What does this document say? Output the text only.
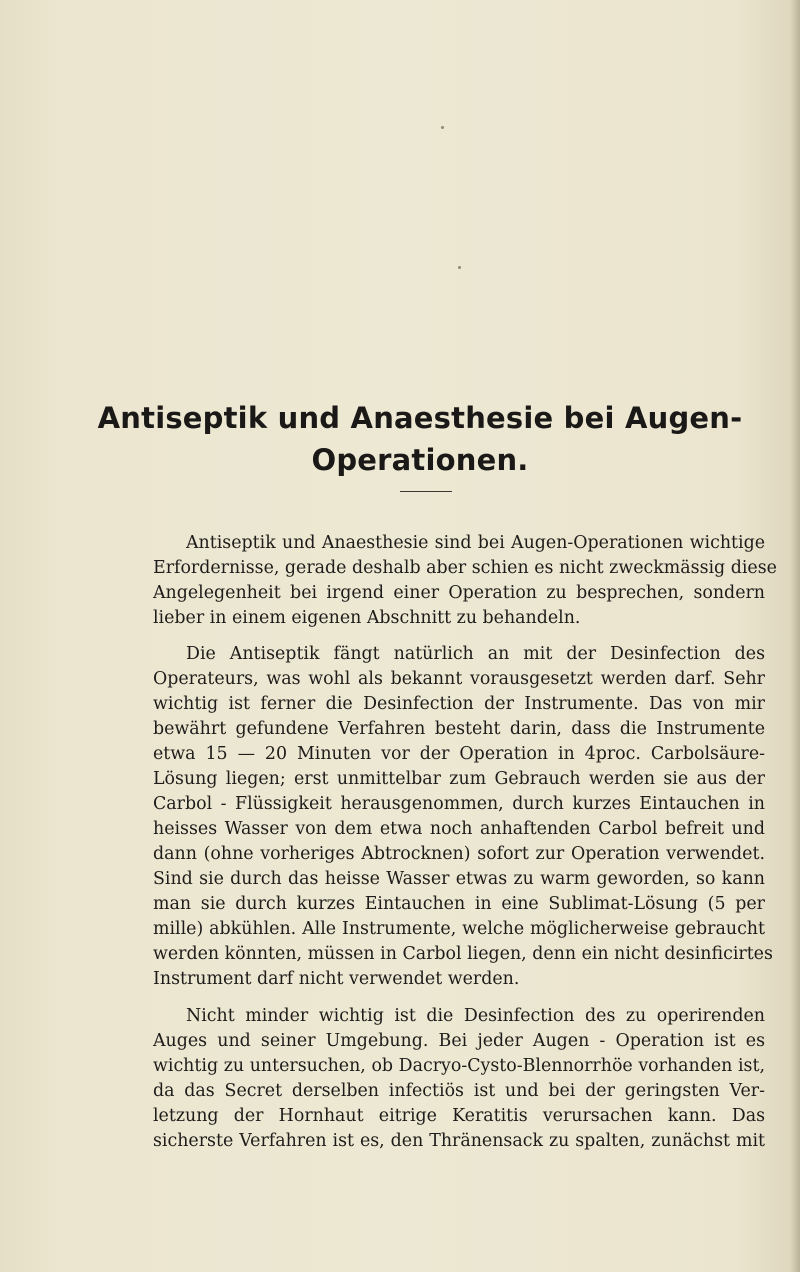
Antiseptik und Anaesthesie bei Augen-
Operationen.
Antiseptik und Anaesthesie sind bei Augen-Operationen wichtige
Erfordernisse, gerade deshalb aber schien es nicht zweckmässig diese
Angelegenheit bei irgend einer Operation zu besprechen, sondern
lieber in einem eigenen Abschnitt zu behandeln.
Die Antiseptik fängt natürlich an mit der Desinfection des
Operateurs, was wohl als bekannt vorausgesetzt werden darf. Sehr
wichtig ist ferner die Desinfection der Instrumente. Das von mir
bewährt gefundene Verfahren besteht darin, dass die Instrumente
etwa 15 — 20 Minuten vor der Operation in 4proc. Carbolsäure-
Lösung liegen; erst unmittelbar zum Gebrauch werden sie aus der
Carbol - Flüssigkeit herausgenommen, durch kurzes Eintauchen in
heisses Wasser von dem etwa noch anhaftenden Carbol befreit und
dann (ohne vorheriges Abtrocknen) sofort zur Operation verwendet.
Sind sie durch das heisse Wasser etwas zu warm geworden, so kann
man sie durch kurzes Eintauchen in eine Sublimat-Lösung (5 per
mille) abkühlen. Alle Instrumente, welche möglicherweise gebraucht
werden könnten, müssen in Carbol liegen, denn ein nicht desinficirtes
Instrument darf nicht verwendet werden.
Nicht minder wichtig ist die Desinfection des zu operirenden
Auges und seiner Umgebung. Bei jeder Augen - Operation ist es
wichtig zu untersuchen, ob Dacryo-Cysto-Blennorrhöe vorhanden ist,
da das Secret derselben infectiös ist und bei der geringsten Ver-
letzung der Hornhaut eitrige Keratitis verursachen kann. Das
sicherste Verfahren ist es, den Thränensack zu spalten, zunächst mit
